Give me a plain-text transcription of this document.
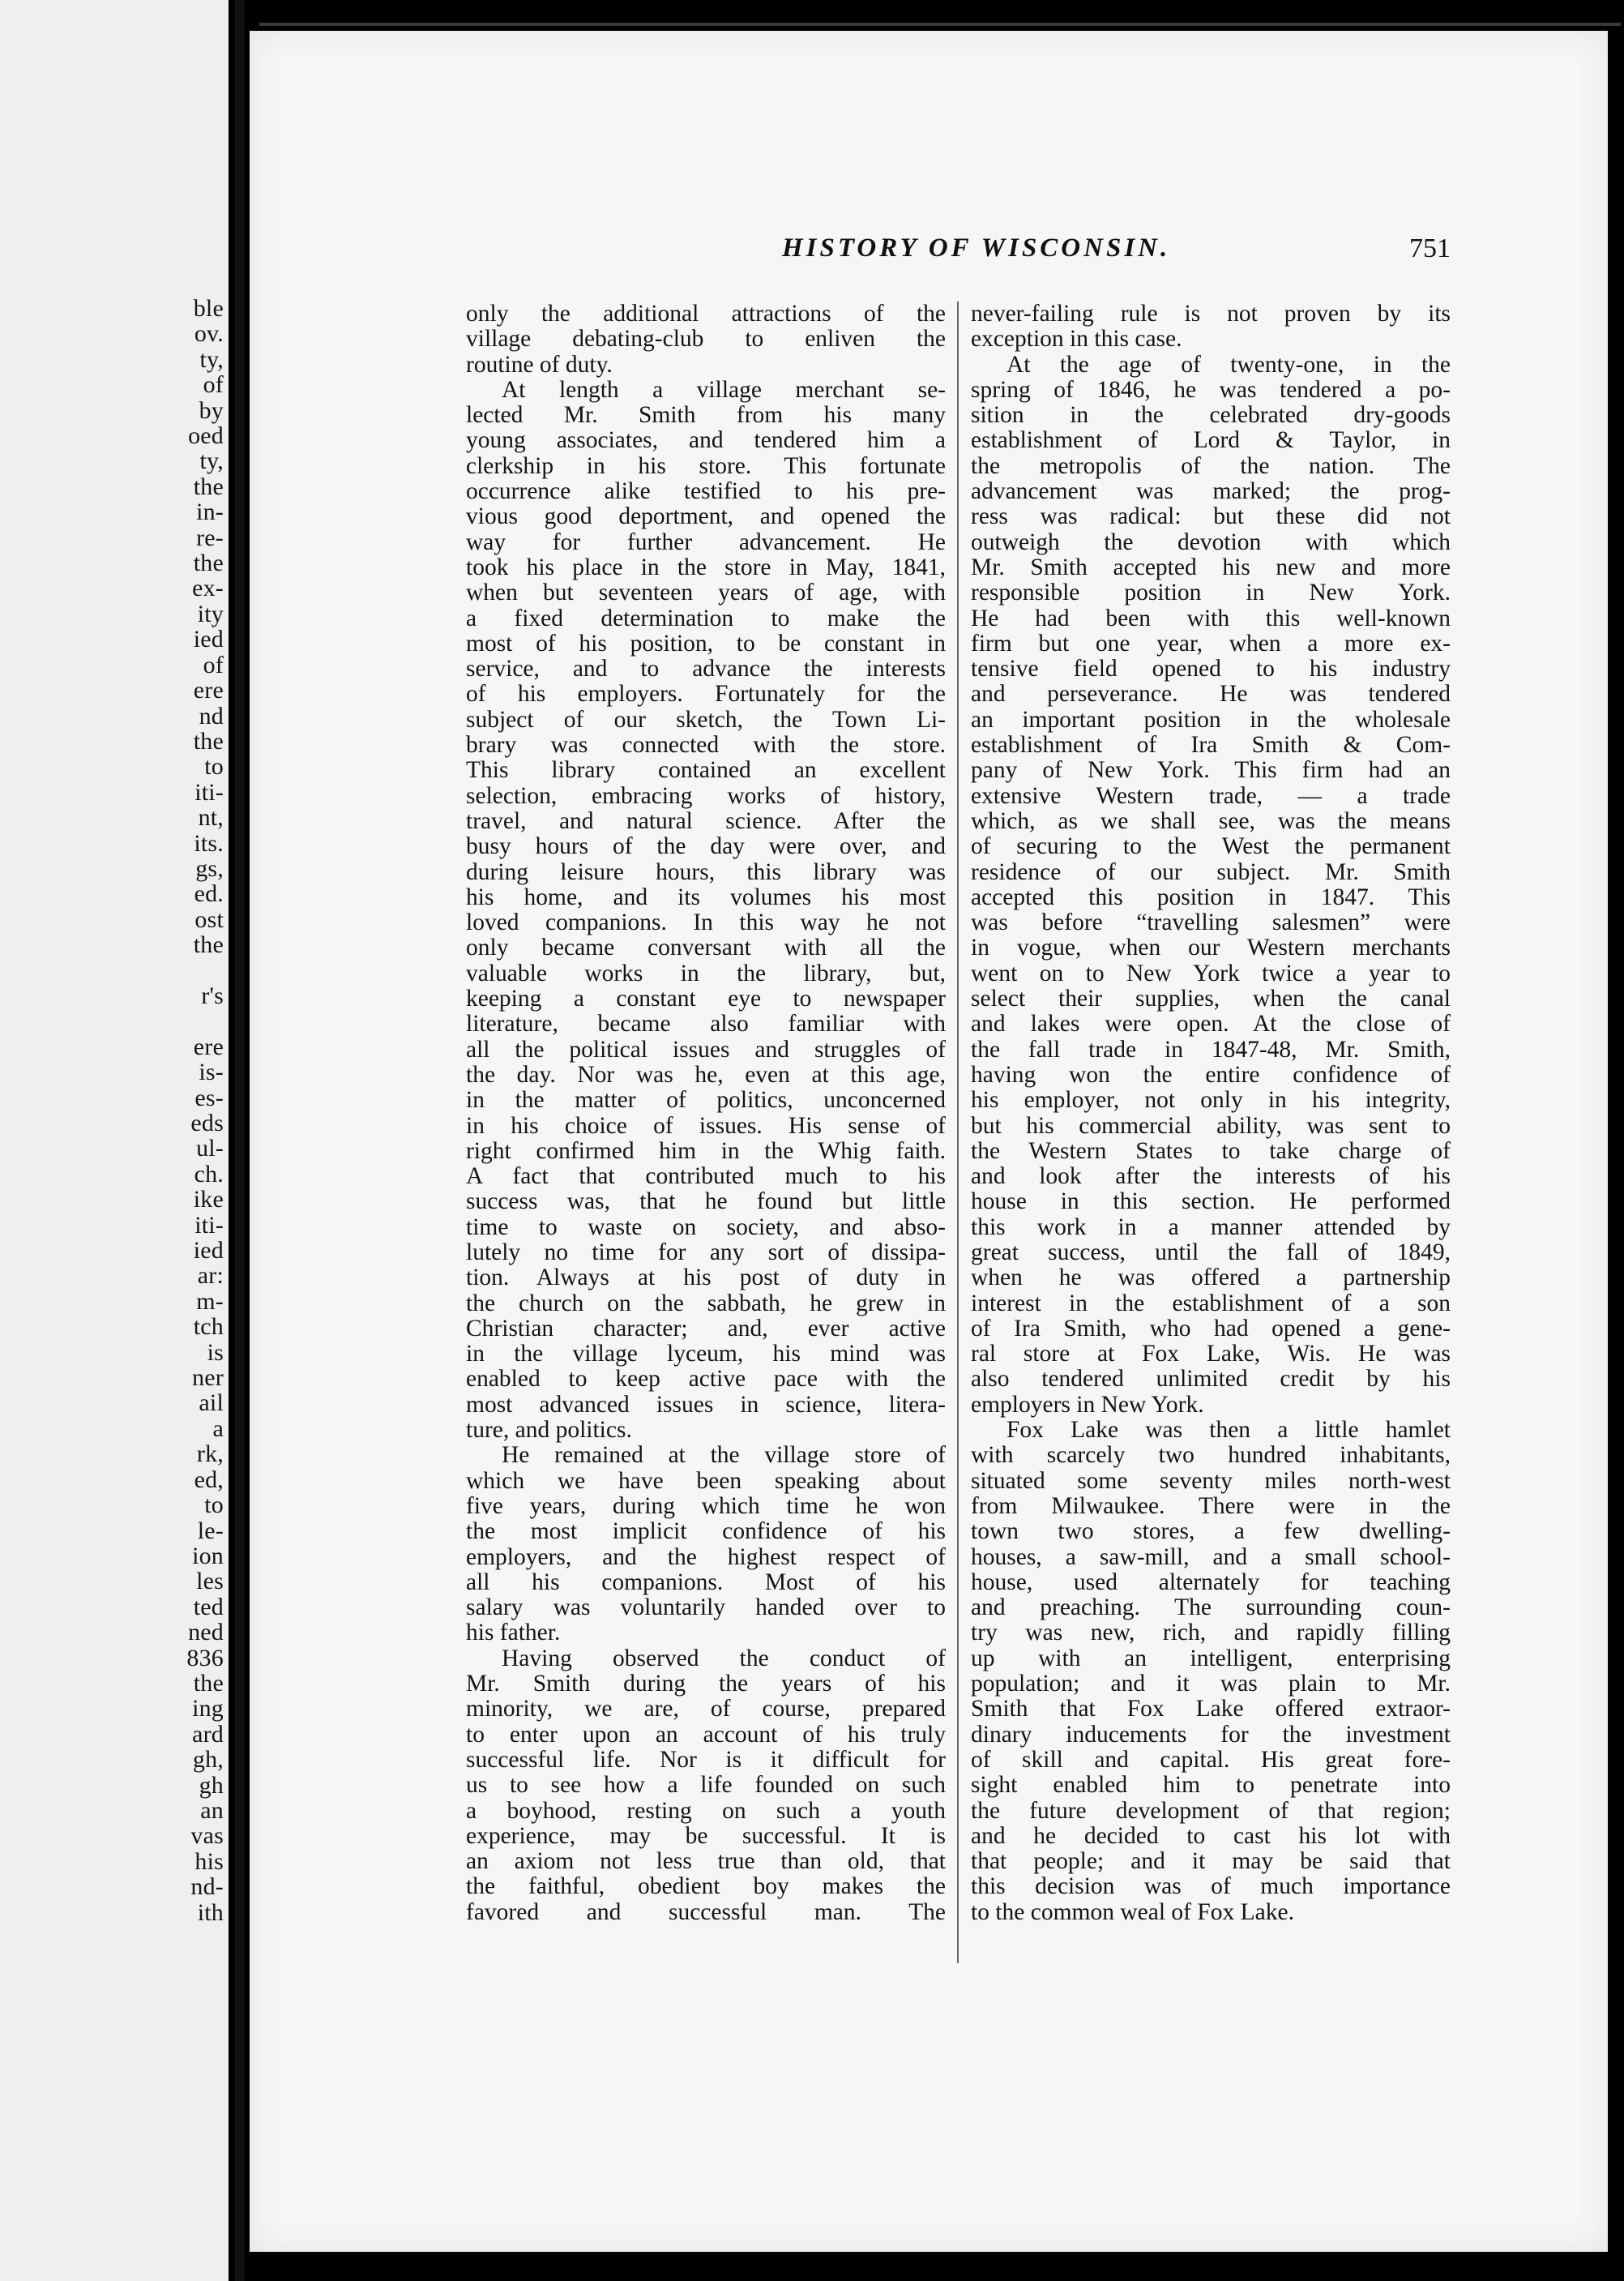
ble
ov.
ty,
of
by
oed
ty,
the
in-
re-
the
ex-
ity
ied
of
ere
nd
the
to
iti-
nt,
its.
gs,
ed.
ost
the

r's

ere
is-
es-
eds
ul-
ch.
ike
iti-
ied
ar:
m-
tch
is
ner
ail
a
rk,
ed,
to
le-
ion
les
ted
ned
836
the
ing
ard
gh,
gh
an
vas
his
nd-
ith
HISTORY OF WISCONSIN.	751
only the additional attractions of the
village debating-club to enliven the
routine of duty.
At length a village merchant se-
lected Mr. Smith from his many
young associates, and tendered him a
clerkship in his store. This fortunate
occurrence alike testified to his pre-
vious good deportment, and opened the
way for further advancement. He
took his place in the store in May, 1841,
when but seventeen years of age, with
a fixed determination to make the
most of his position, to be constant in
service, and to advance the interests
of his employers. Fortunately for the
subject of our sketch, the Town Li-
brary was connected with the store.
This library contained an excellent
selection, embracing works of history,
travel, and natural science. After the
busy hours of the day were over, and
during leisure hours, this library was
his home, and its volumes his most
loved companions. In this way he not
only became conversant with all the
valuable works in the library, but,
keeping a constant eye to newspaper
literature, became also familiar with
all the political issues and struggles of
the day. Nor was he, even at this age,
in the matter of politics, unconcerned
in his choice of issues. His sense of
right confirmed him in the Whig faith.
A fact that contributed much to his
success was, that he found but little
time to waste on society, and abso-
lutely no time for any sort of dissipa-
tion. Always at his post of duty in
the church on the sabbath, he grew in
Christian character; and, ever active
in the village lyceum, his mind was
enabled to keep active pace with the
most advanced issues in science, litera-
ture, and politics.
He remained at the village store of
which we have been speaking about
five years, during which time he won
the most implicit confidence of his
employers, and the highest respect of
all his companions. Most of his
salary was voluntarily handed over to
his father.
Having observed the conduct of
Mr. Smith during the years of his
minority, we are, of course, prepared
to enter upon an account of his truly
successful life. Nor is it difficult for
us to see how a life founded on such
a boyhood, resting on such a youth
experience, may be successful. It is
an axiom not less true than old, that
the faithful, obedient boy makes the
favored and successful man. The
never-failing rule is not proven by its
exception in this case.
At the age of twenty-one, in the
spring of 1846, he was tendered a po-
sition in the celebrated dry-goods
establishment of Lord & Taylor, in
the metropolis of the nation. The
advancement was marked; the prog-
ress was radical: but these did not
outweigh the devotion with which
Mr. Smith accepted his new and more
responsible position in New York.
He had been with this well-known
firm but one year, when a more ex-
tensive field opened to his industry
and perseverance. He was tendered
an important position in the wholesale
establishment of Ira Smith & Com-
pany of New York. This firm had an
extensive Western trade, — a trade
which, as we shall see, was the means
of securing to the West the permanent
residence of our subject. Mr. Smith
accepted this position in 1847. This
was before “travelling salesmen” were
in vogue, when our Western merchants
went on to New York twice a year to
select their supplies, when the canal
and lakes were open. At the close of
the fall trade in 1847-48, Mr. Smith,
having won the entire confidence of
his employer, not only in his integrity,
but his commercial ability, was sent to
the Western States to take charge of
and look after the interests of his
house in this section. He performed
this work in a manner attended by
great success, until the fall of 1849,
when he was offered a partnership
interest in the establishment of a son
of Ira Smith, who had opened a gene-
ral store at Fox Lake, Wis. He was
also tendered unlimited credit by his
employers in New York.
Fox Lake was then a little hamlet
with scarcely two hundred inhabitants,
situated some seventy miles north-west
from Milwaukee. There were in the
town two stores, a few dwelling-
houses, a saw-mill, and a small school-
house, used alternately for teaching
and preaching. The surrounding coun-
try was new, rich, and rapidly filling
up with an intelligent, enterprising
population; and it was plain to Mr.
Smith that Fox Lake offered extraor-
dinary inducements for the investment
of skill and capital. His great fore-
sight enabled him to penetrate into
the future development of that region;
and he decided to cast his lot with
that people; and it may be said that
this decision was of much importance
to the common weal of Fox Lake.
